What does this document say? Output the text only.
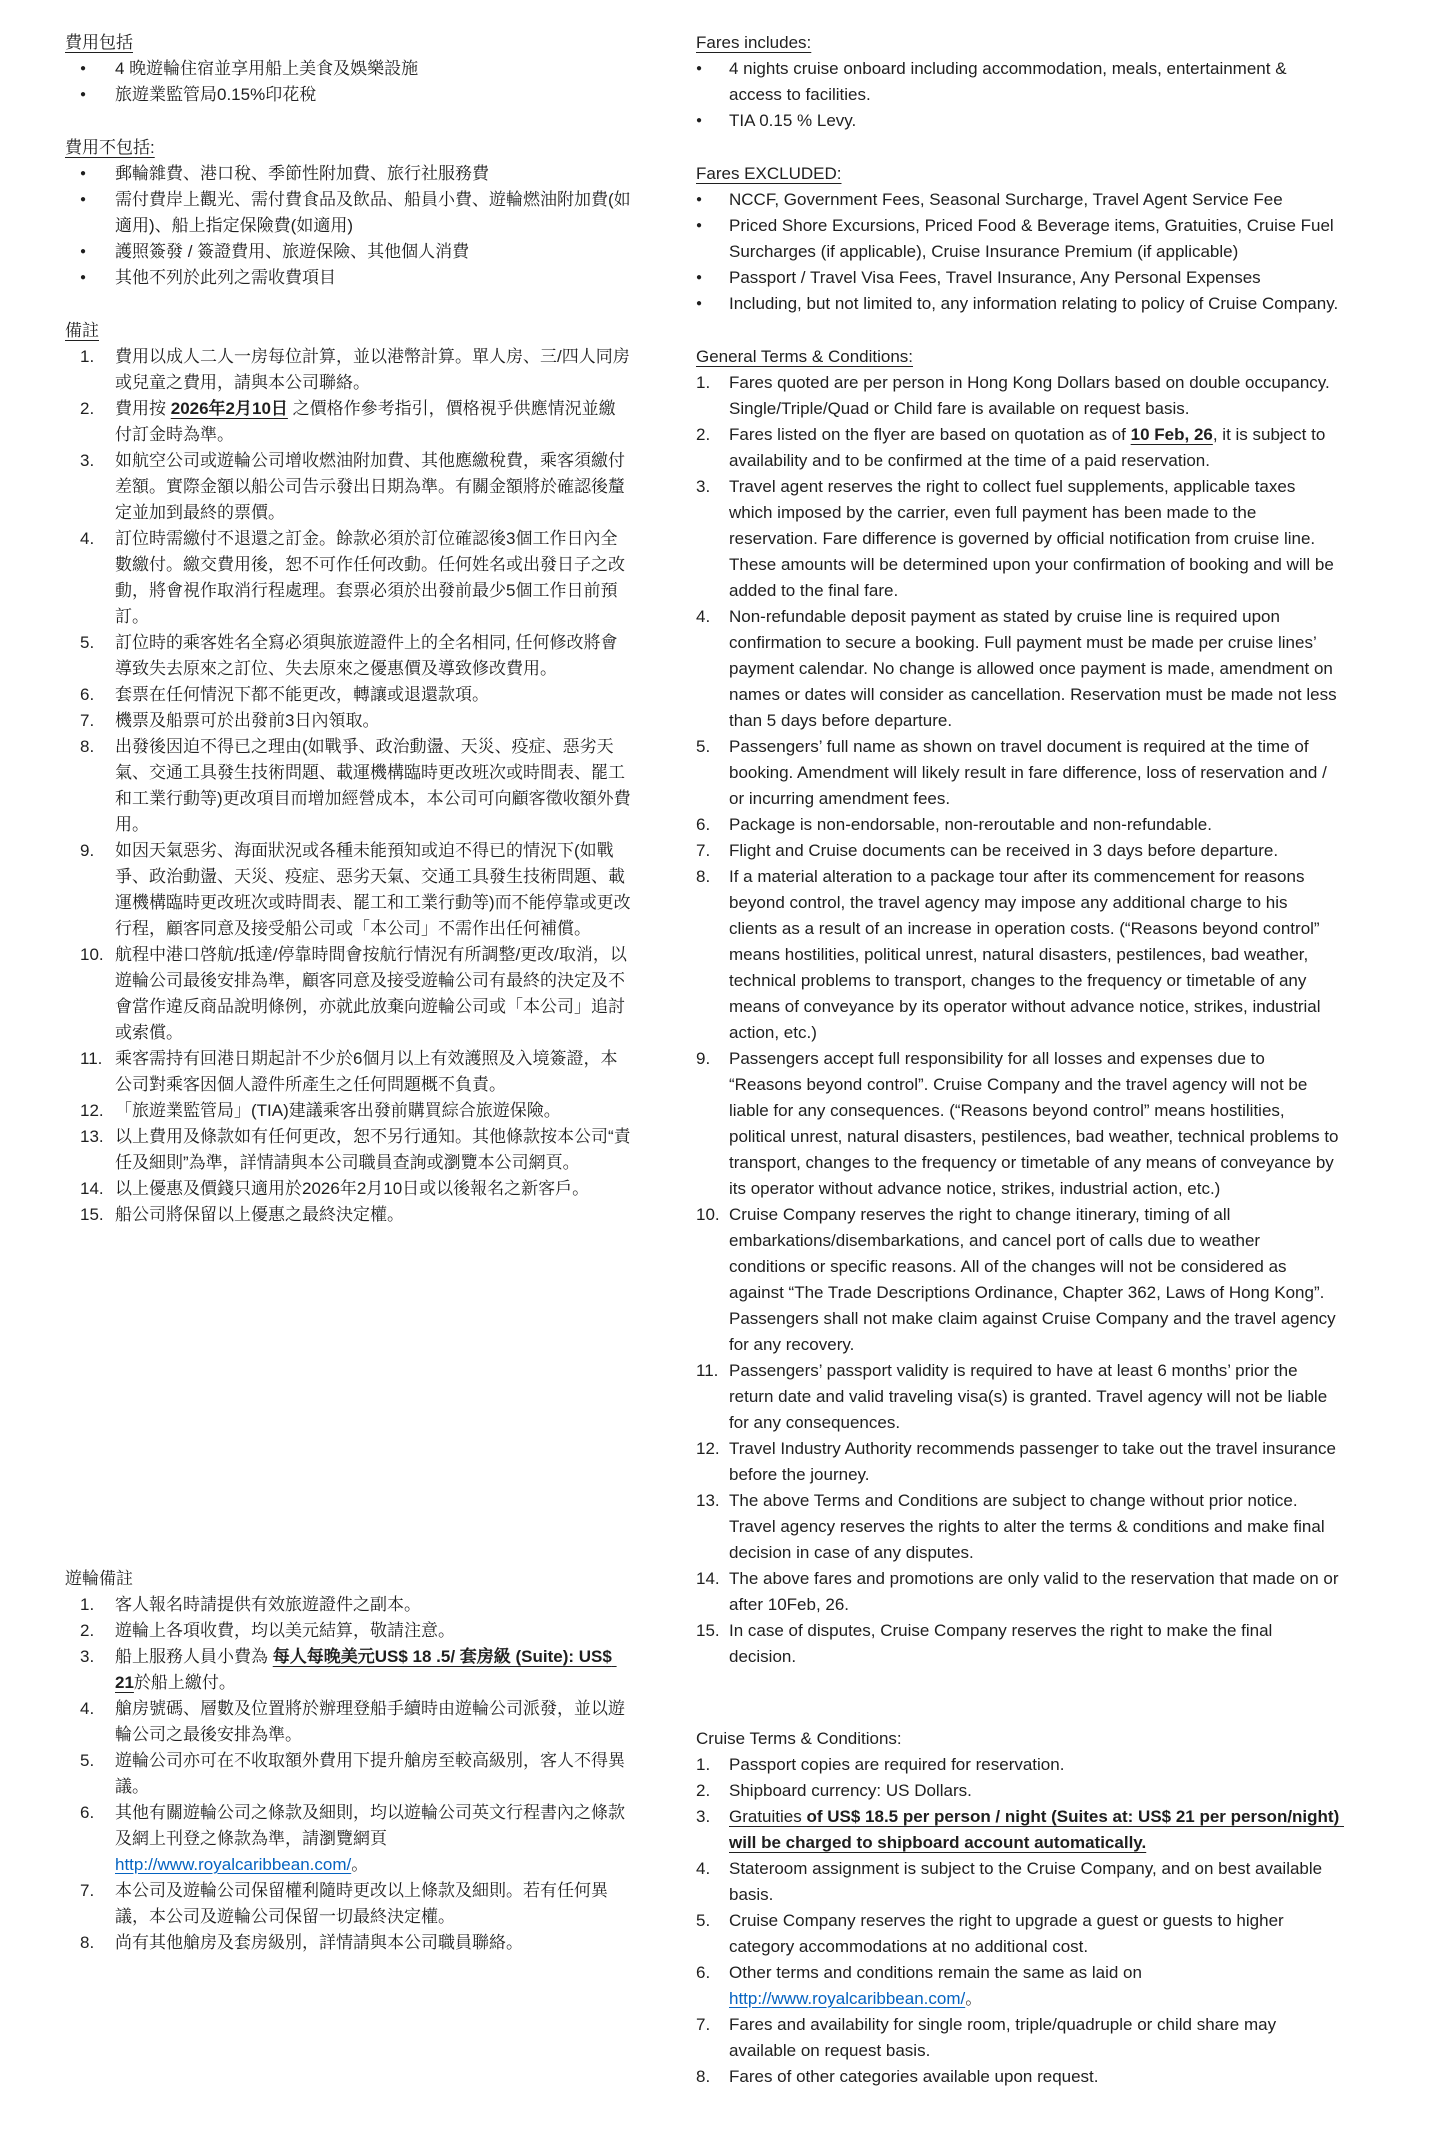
費用包括
●	4 晚遊輪住宿並享用船上美食及娛樂設施
●	旅遊業監管局0.15%印花稅
費用不包括:
●	郵輪雜費、港口稅、季節性附加費、旅行社服務費
●	需付費岸上觀光、需付費食品及飲品、船員小費、遊輪燃油附加費(如適用)、船上指定保險費(如適用)
●	護照簽發 / 簽證費用、旅遊保險、其他個人消費
●	其他不列於此列之需收費項目
備註
1.	費用以成人二人一房每位計算，並以港幣計算。單人房、三/四人同房或兒童之費用，請與本公司聯絡。
2.	費用按 2026年2月10日 之價格作參考指引，價格視乎供應情況並繳付訂金時為準。
3.	如航空公司或遊輪公司增收燃油附加費、其他應繳稅費，乘客須繳付差額。實際金額以船公司告示發出日期為準。有關金額將於確認後釐定並加到最終的票價。
4.	訂位時需繳付不退還之訂金。餘款必須於訂位確認後3個工作日內全數繳付。繳交費用後，恕不可作任何改動。任何姓名或出發日子之改動，將會視作取消行程處理。套票必須於出發前最少5個工作日前預訂。
5.	訂位時的乘客姓名全寫必須與旅遊證件上的全名相同, 任何修改將會導致失去原來之訂位、失去原來之優惠價及導致修改費用。
6.	套票在任何情況下都不能更改，轉讓或退還款項。
7.	機票及船票可於出發前3日內領取。
8.	出發後因迫不得已之理由(如戰爭、政治動盪、天災、疫症、惡劣天氣、交通工具發生技術問題、載運機構臨時更改班次或時間表、罷工和工業行動等)更改項目而增加經營成本，本公司可向顧客徵收額外費用。
9.	如因天氣惡劣、海面狀況或各種未能預知或迫不得已的情況下(如戰爭、政治動盪、天災、疫症、惡劣天氣、交通工具發生技術問題、載運機構臨時更改班次或時間表、罷工和工業行動等)而不能停靠或更改行程，顧客同意及接受船公司或「本公司」不需作出任何補償。
10. 航程中港口啓航/抵達/停靠時間會按航行情況有所調整/更改/取消，以遊輪公司最後安排為準，顧客同意及接受遊輪公司有最終的決定及不會當作違反商品說明條例，亦就此放棄向遊輪公司或「本公司」追討或索償。
11. 乘客需持有回港日期起計不少於6個月以上有效護照及入境簽證，本公司對乘客因個人證件所產生之任何問題概不負責。
12. 「旅遊業監管局」(TIA)建議乘客出發前購買綜合旅遊保險。
13. 以上費用及條款如有任何更改，恕不另行通知。其他條款按本公司“責任及細則”為準，詳情請與本公司職員查詢或瀏覽本公司網頁。
14. 以上優惠及價錢只適用於2026年2月10日或以後報名之新客戶。
15. 船公司將保留以上優惠之最終決定權。
遊輪備註
1.	客人報名時請提供有效旅遊證件之副本。
2.	遊輪上各項收費，均以美元結算，敬請注意。
3.	船上服務人員小費為 每人每晚美元US$ 18 .5/ 套房級 (Suite): US$ 21於船上繳付。
4.	艙房號碼、層數及位置將於辦理登船手續時由遊輪公司派發，並以遊輪公司之最後安排為準。
5.	遊輪公司亦可在不收取額外費用下提升艙房至較高級別，客人不得異議。
6.	其他有關遊輪公司之條款及細則，均以遊輪公司英文行程書內之條款及網上刊登之條款為準，請瀏覽網頁http://www.royalcaribbean.com/。
7.	本公司及遊輪公司保留權利隨時更改以上條款及細則。若有任何異議，本公司及遊輪公司保留一切最終決定權。
8.	尚有其他艙房及套房級別，詳情請與本公司職員聯絡。
Fares includes:
●	4 nights cruise onboard including accommodation, meals, entertainment & access to facilities.
●	TIA 0.15 % Levy.
Fares EXCLUDED:
●	NCCF, Government Fees, Seasonal Surcharge, Travel Agent Service Fee
●	Priced Shore Excursions, Priced Food & Beverage items, Gratuities, Cruise Fuel Surcharges (if applicable), Cruise Insurance Premium (if applicable)
●	Passport / Travel Visa Fees, Travel Insurance, Any Personal Expenses
●	Including, but not limited to, any information relating to policy of Cruise Company.
General Terms & Conditions:
1.	Fares quoted are per person in Hong Kong Dollars based on double occupancy. Single/Triple/Quad or Child fare is available on request basis.
2.	Fares listed on the flyer are based on quotation as of 10 Feb, 26, it is subject to availability and to be confirmed at the time of a paid reservation.
3.	Travel agent reserves the right to collect fuel supplements, applicable taxes which imposed by the carrier, even full payment has been made to the reservation. Fare difference is governed by official notification from cruise line. These amounts will be determined upon your confirmation of booking and will be added to the final fare.
4.	Non-refundable deposit payment as stated by cruise line is required upon confirmation to secure a booking. Full payment must be made per cruise lines’ payment calendar. No change is allowed once payment is made, amendment on names or dates will consider as cancellation. Reservation must be made not less than 5 days before departure.
5.	Passengers’ full name as shown on travel document is required at the time of booking. Amendment will likely result in fare difference, loss of reservation and / or incurring amendment fees.
6.	Package is non-endorsable, non-reroutable and non-refundable.
7.	Flight and Cruise documents can be received in 3 days before departure.
8.	If a material alteration to a package tour after its commencement for reasons beyond control, the travel agency may impose any additional charge to his clients as a result of an increase in operation costs. (“Reasons beyond control” means hostilities, political unrest, natural disasters, pestilences, bad weather, technical problems to transport, changes to the frequency or timetable of any means of conveyance by its operator without advance notice, strikes, industrial action, etc.)
9.	Passengers accept full responsibility for all losses and expenses due to “Reasons beyond control”. Cruise Company and the travel agency will not be liable for any consequences. (“Reasons beyond control” means hostilities, political unrest, natural disasters, pestilences, bad weather, technical problems to transport, changes to the frequency or timetable of any means of conveyance by its operator without advance notice, strikes, industrial action, etc.)
10. Cruise Company reserves the right to change itinerary, timing of all embarkations/disembarkations, and cancel port of calls due to weather conditions or specific reasons. All of the changes will not be considered as against “The Trade Descriptions Ordinance, Chapter 362, Laws of Hong Kong”. Passengers shall not make claim against Cruise Company and the travel agency for any recovery.
11. Passengers’ passport validity is required to have at least 6 months’ prior the return date and valid traveling visa(s) is granted. Travel agency will not be liable for any consequences.
12. Travel Industry Authority recommends passenger to take out the travel insurance before the journey.
13. The above Terms and Conditions are subject to change without prior notice. Travel agency reserves the rights to alter the terms & conditions and make final decision in case of any disputes.
14. The above fares and promotions are only valid to the reservation that made on or after 10Feb, 26.
15. In case of disputes, Cruise Company reserves the right to make the final decision.
Cruise Terms & Conditions:
1.	Passport copies are required for reservation.
2.	Shipboard currency: US Dollars.
3.	Gratuities of US$ 18.5 per person / night (Suites at: US$ 21 per person/night) will be charged to shipboard account automatically.
4.	Stateroom assignment is subject to the Cruise Company, and on best available basis.
5.	Cruise Company reserves the right to upgrade a guest or guests to higher category accommodations at no additional cost.
6.	Other terms and conditions remain the same as laid on http://www.royalcaribbean.com/。
7.	Fares and availability for single room, triple/quadruple or child share may available on request basis.
8.	Fares of other categories available upon request.
